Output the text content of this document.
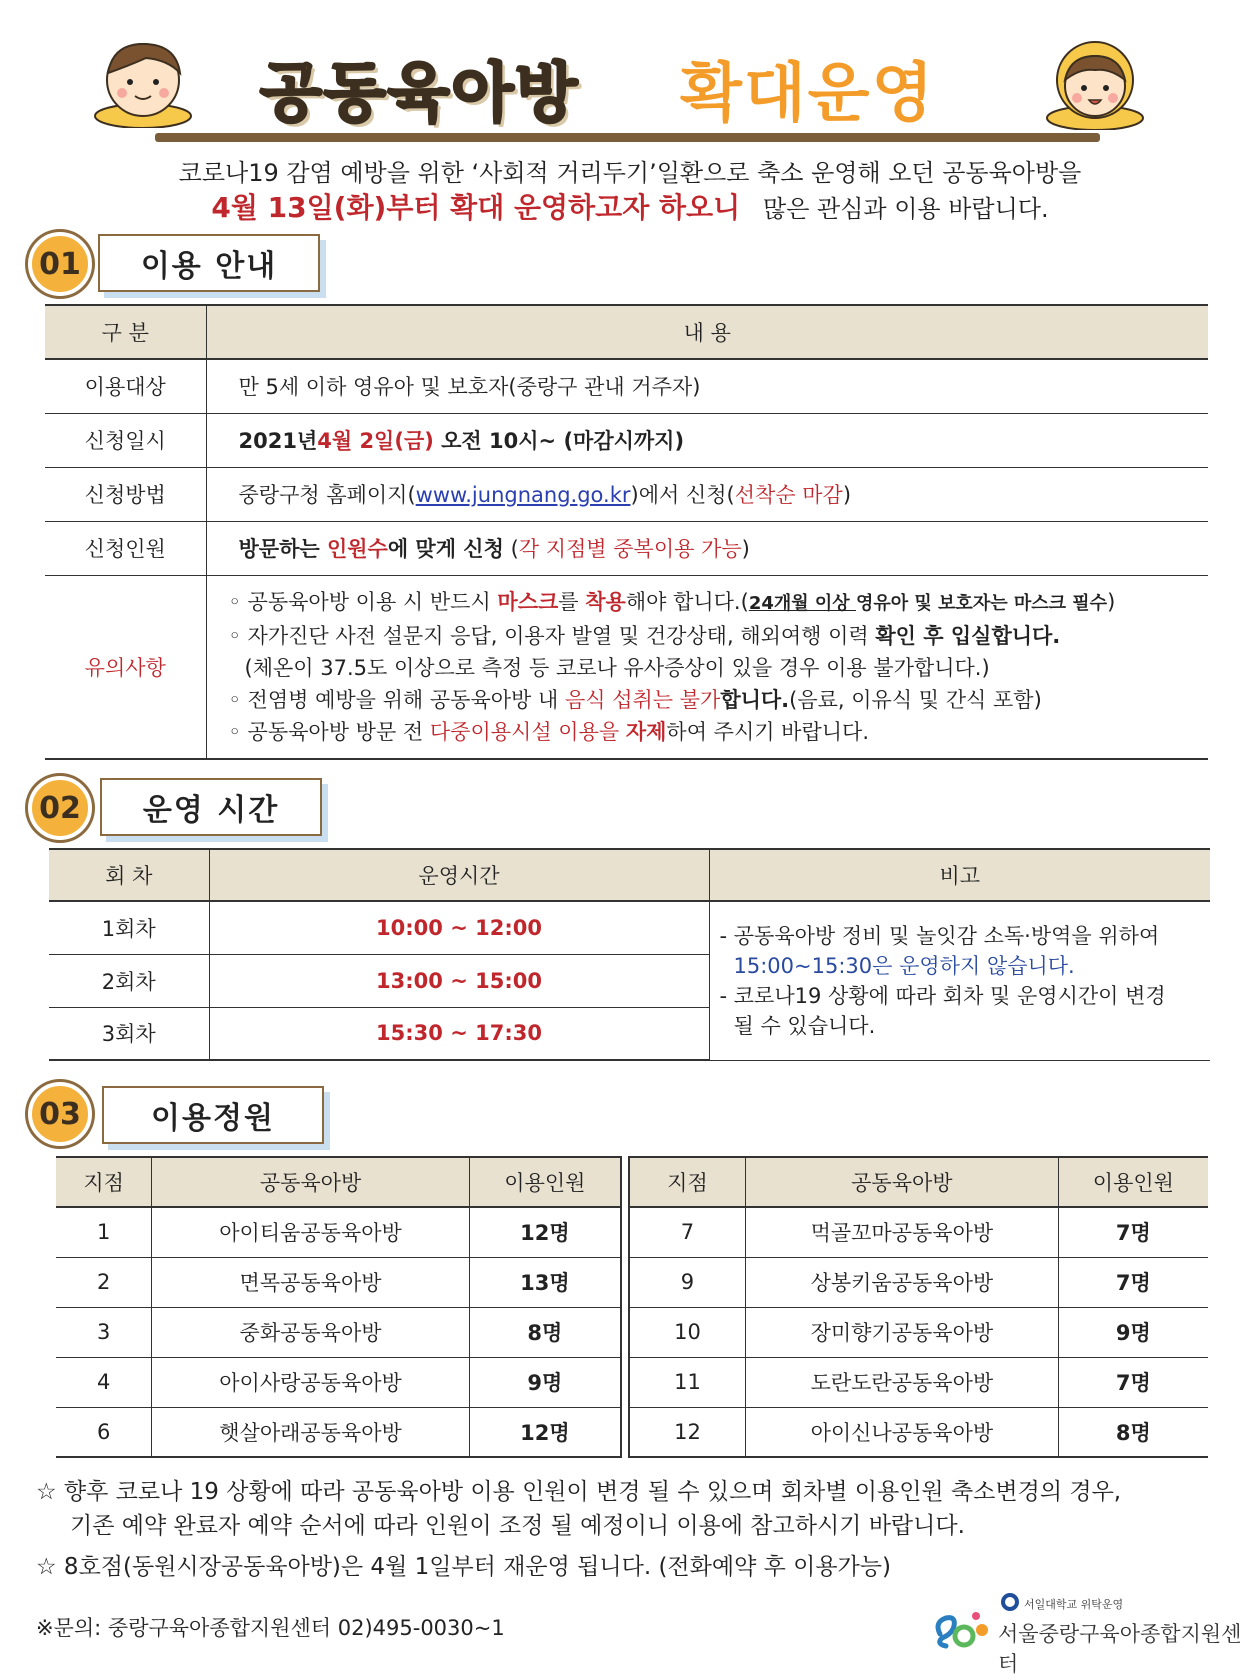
공동육아방 확대운영
코로나19 감염 예방을 위한 ‘사회적 거리두기’일환으로 축소 운영해 오던 공동육아방을
4월 13일(화)부터 확대 운영하고자 하오니 많은 관심과 이용 바랍니다.
01	이용 안내
구 분	내 용
이용대상	만 5세 이하 영유아 및 보호자(중랑구 관내 거주자)
신청일시	2021년4월 2일(금) 오전 10시~ (마감시까지)
신청방법	중랑구청 홈페이지(www.jungnang.go.kr)에서 신청(선착순 마감)
신청인원	방문하는 인원수에 맞게 신청 (각 지점별 중복이용 가능)
유의사항	◦ 공동육아방 이용 시 반드시 마스크를 착용해야 합니다.(24개월 이상 영유아 및 보호자는 마스크 필수)
◦ 자가진단 사전 설문지 응답, 이용자 발열 및 건강상태, 해외여행 이력 확인 후 입실합니다.
(체온이 37.5도 이상으로 측정 등 코로나 유사증상이 있을 경우 이용 불가합니다.)
◦ 전염병 예방을 위해 공동육아방 내 음식 섭취는 불가합니다.(음료, 이유식 및 간식 포함)
◦ 공동육아방 방문 전 다중이용시설 이용을 자제하여 주시기 바랍니다.
02	운영 시간
회 차	운영시간	비고
1회차	10:00 ~ 12:00	- 공동육아방 정비 및 놀잇감 소독·방역을 위하여
15:00~15:30은 운영하지 않습니다.
- 코로나19 상황에 따라 회차 및 운영시간이 변경
될 수 있습니다.

2회차	13:00 ~ 15:00	
3회차	15:30 ~ 17:30	
03	이용정원
지점	공동육아방	이용인원
1	아이티움공동육아방	12명
2	면목공동육아방	13명
3	중화공동육아방	8명
4	아이사랑공동육아방	9명
6	햇살아래공동육아방	12명
지점	공동육아방	이용인원
7	먹골꼬마공동육아방	7명
9	상봉키움공동육아방	7명
10	장미향기공동육아방	9명
11	도란도란공동육아방	7명
12	아이신나공동육아방	8명
☆ 향후 코로나 19 상황에 따라 공동육아방 이용 인원이 변경 될 수 있으며 회차별 이용인원 축소변경의 경우,
기존 예약 완료자 예약 순서에 따라 인원이 조정 될 예정이니 이용에 참고하시기 바랍니다.
☆ 8호점(동원시장공동육아방)은 4월 1일부터 재운영 됩니다. (전화예약 후 이용가능)
※문의: 중랑구육아종합지원센터 02)495-0030~1
서일대학교 위탁운영
서울중랑구육아종합지원센터
